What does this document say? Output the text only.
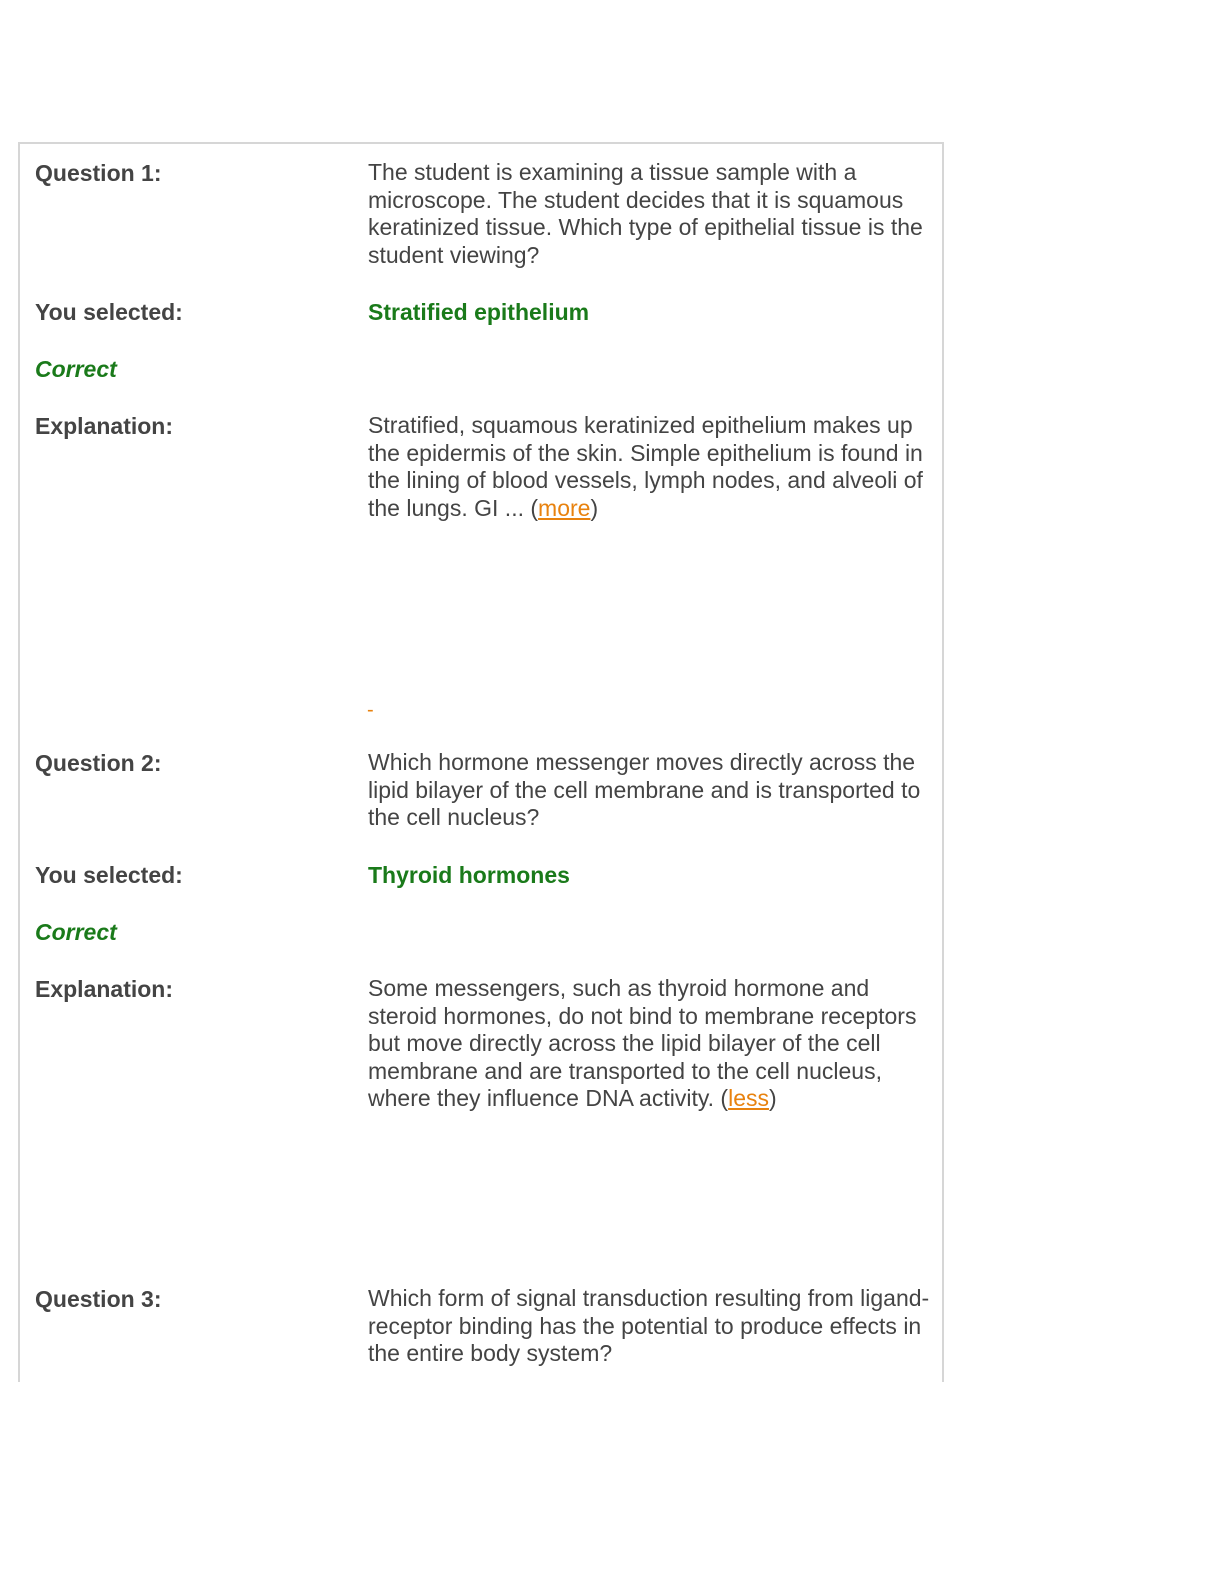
Question 1:	The student is examining a tissue sample with a microscope. The student decides that it is squamous keratinized tissue. Which type of epithelial tissue is the student viewing?
You selected:	Stratified epithelium
Correct
Explanation:	Stratified, squamous keratinized epithelium makes up the epidermis of the skin. Simple epithelium is found in the lining of blood vessels, lymph nodes, and alveoli of the lungs. GI ... (more)
-
Question 2:	Which hormone messenger moves directly across the lipid bilayer of the cell membrane and is transported to the cell nucleus?
You selected:	Thyroid hormones
Correct
Explanation:	Some messengers, such as thyroid hormone and steroid hormones, do not bind to membrane receptors but move directly across the lipid bilayer of the cell membrane and are transported to the cell nucleus, where they influence DNA activity. (less)
Question 3:	Which form of signal transduction resulting from ligand-receptor binding has the potential to produce effects in the entire body system?
